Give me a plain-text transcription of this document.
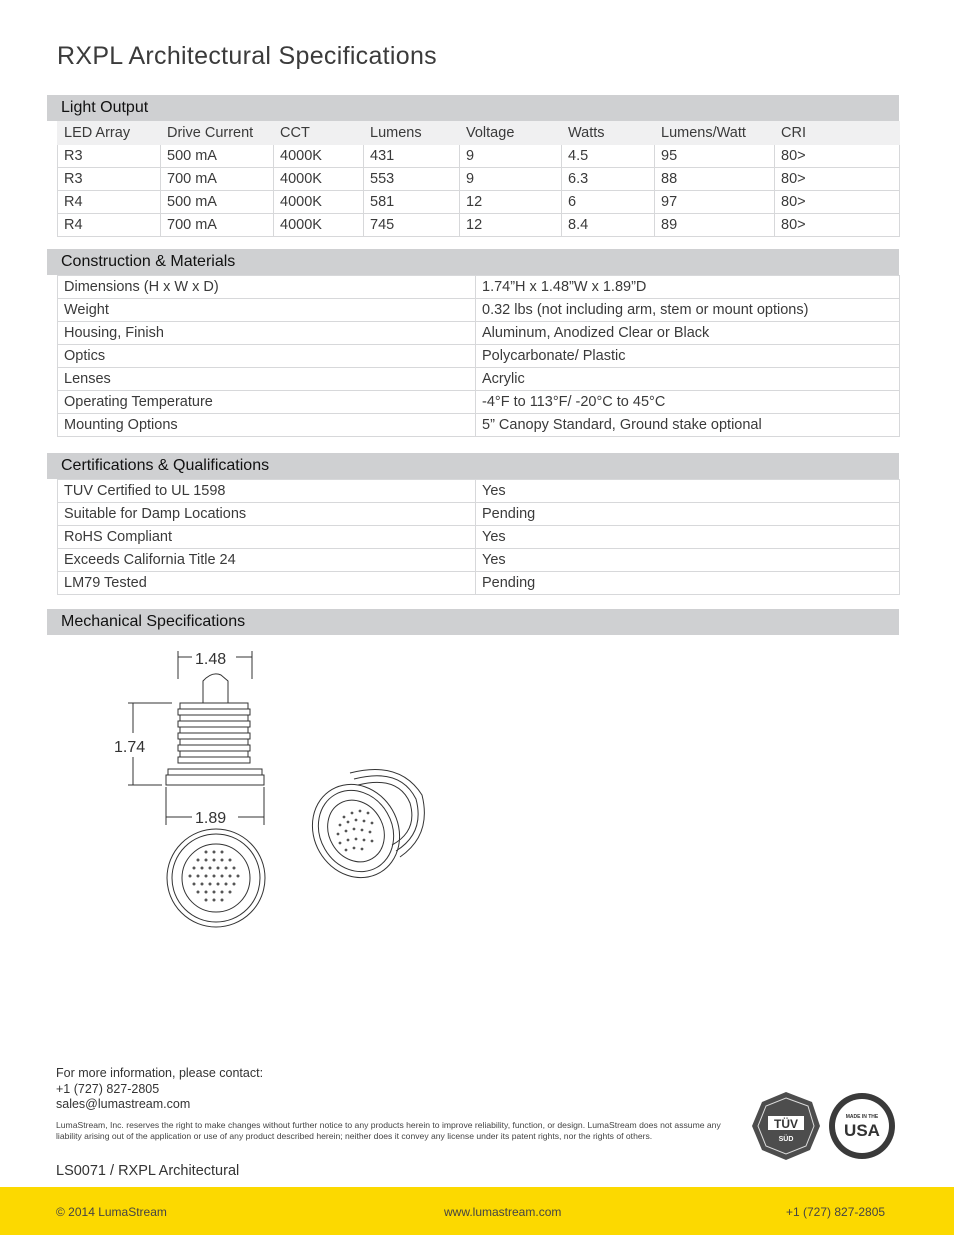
RXPL Architectural Specifications
Light Output
LED Array	Drive Current	CCT	Lumens	Voltage	Watts	Lumens/Watt	CRI
R3	500 mA	4000K	431	9	4.5	95	80>
R3	700 mA	4000K	553	9	6.3	88	80>
R4	500 mA	4000K	581	12	6	97	80>
R4	700 mA	4000K	745	12	8.4	89	80>
Construction & Materials
Dimensions (H x W x D)	1.74”H x 1.48”W x 1.89”D
Weight	0.32 lbs (not including arm, stem or mount options)
Housing, Finish	Aluminum, Anodized Clear or Black
Optics	Polycarbonate/ Plastic
Lenses	Acrylic
Operating Temperature	-4°F to 113°F/ -20°C to 45°C
Mounting Options	5” Canopy Standard, Ground stake optional
Certifications & Qualifications
TUV Certified to UL 1598	Yes
Suitable for Damp Locations	Pending
RoHS Compliant	Yes
Exceeds California Title 24	Yes
LM79 Tested	Pending
Mechanical Specifications
1.48
1.74
1.89
For more information, please contact:
+1 (727) 827-2805
sales@lumastream.com
LumaStream, Inc. reserves the right to make changes without further notice to any products herein to improve reliability, function, or design. LumaStream does not assume any liability arising out of the application or use of any product described herein; neither does it convey any license under its patent rights, nor the rights of others.
LS0071 / RXPL Architectural
TÜV
SÜD
MADE IN THE
USA
© 2014 LumaStream	www.lumastream.com	+1 (727) 827-2805
